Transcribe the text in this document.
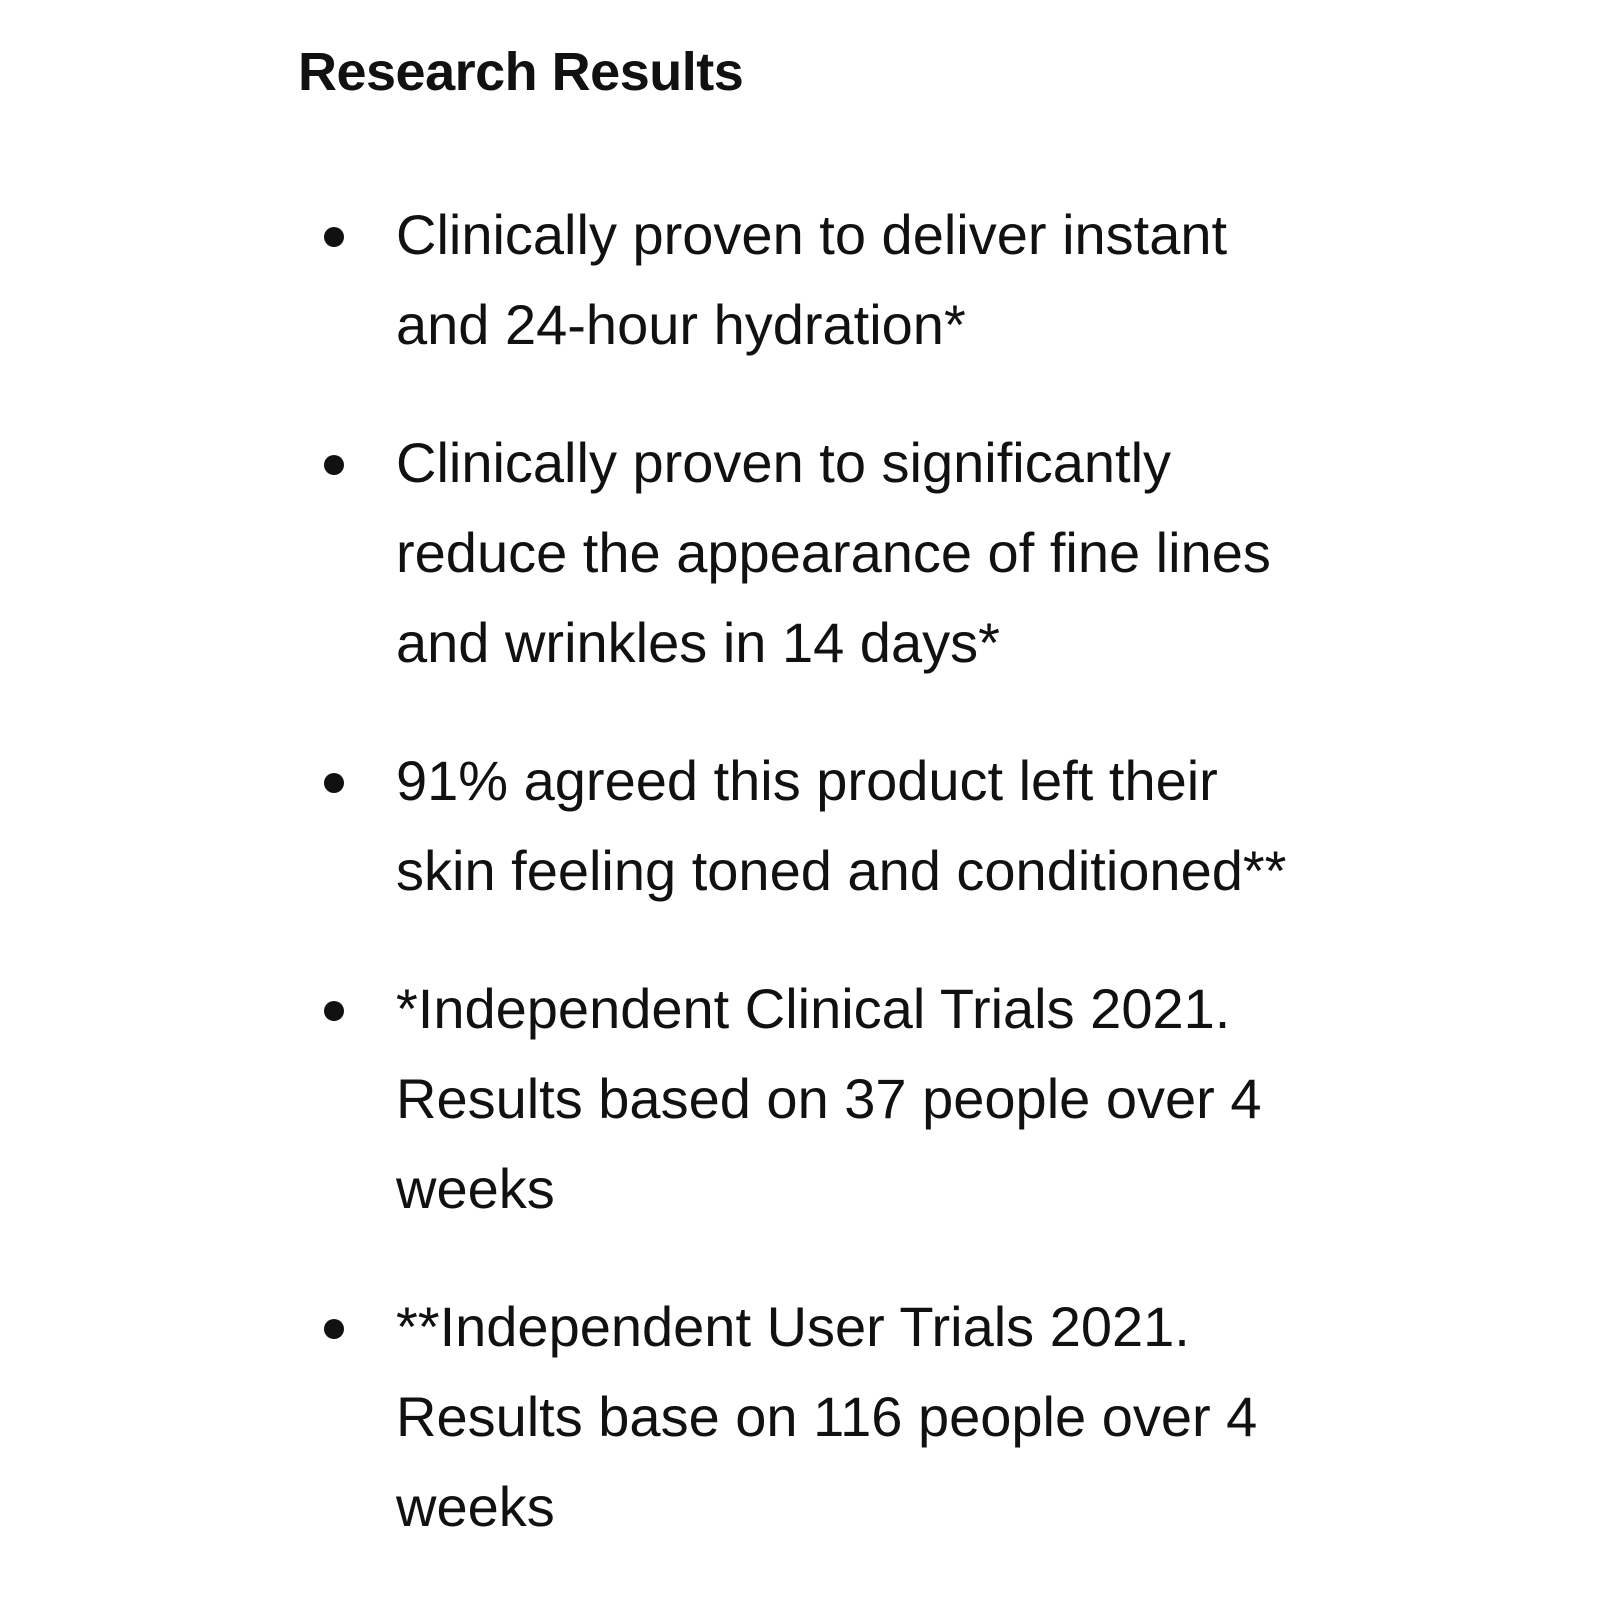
Research Results
Clinically proven to deliver instant and 24-hour hydration*
Clinically proven to significantly reduce the appearance of fine lines and wrinkles in 14 days*
91% agreed this product left their skin feeling toned and conditioned**
*Independent Clinical Trials 2021. Results based on 37 people over 4 weeks
**Independent User Trials 2021. Results base on 116 people over 4 weeks
